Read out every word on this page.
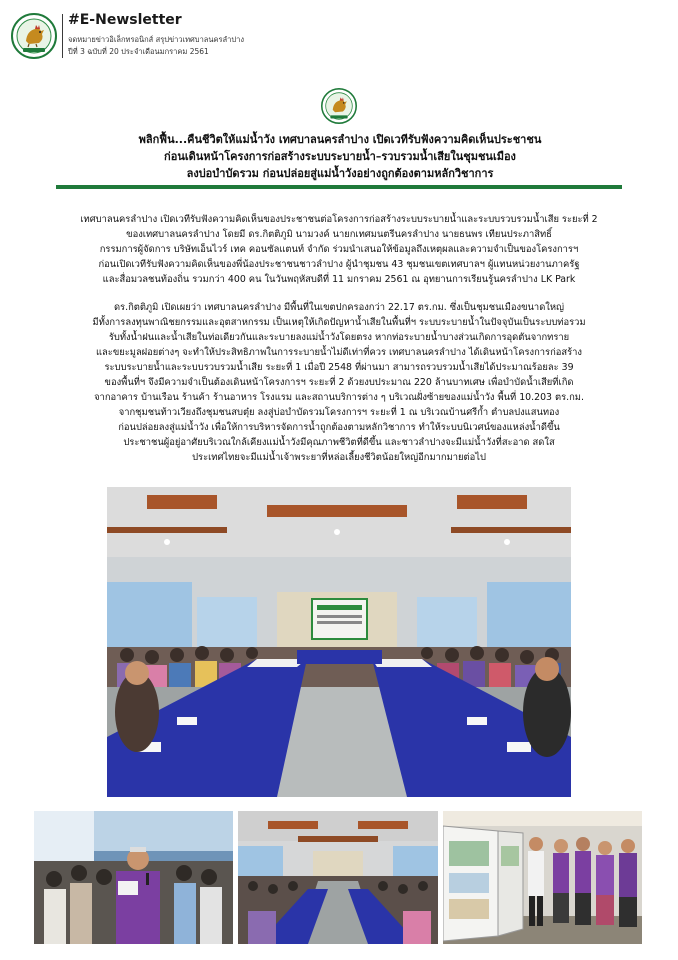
#E-Newsletter
จดหมายข่าวอิเล็กทรอนิกส์ สรุปข่าวเทศบาลนครลำปาง
ปีที่ 3 ฉบับที่ 20 ประจำเดือนมกราคม 2561
พลิกฟื้น...คืนชีวิตให้แม่น้ำวัง เทศบาลนครลำปาง เปิดเวทีรับฟังความคิดเห็นประชาชน
ก่อนเดินหน้าโครงการก่อสร้างระบบระบายน้ำ–รวบรวมน้ำเสียในชุมชนเมือง
ลงบ่อบำบัดรวม ก่อนปล่อยสู่แม่น้ำวังอย่างถูกต้องตามหลักวิชาการ
เทศบาลนครลำปาง เปิดเวทีรับฟังความคิดเห็นของประชาชนต่อโครงการก่อสร้างระบบระบายน้ำและระบบรวบรวมน้ำเสีย ระยะที่ 2
ของเทศบาลนครลำปาง โดยมี ดร.กิตติภูมิ นามวงค์ นายกเทศมนตรีนครลำปาง นายธนพร เทียนประภาสิทธิ์
กรรมการผู้จัดการ บริษัทเอ็นไวร์ เทค คอนซัลแตนท์ จำกัด ร่วมนำเสนอให้ข้อมูลถึงเหตุผลและความจำเป็นของโครงการฯ
ก่อนเปิดเวทีรับฟังความคิดเห็นของพี่น้องประชาชนชาวลำปาง ผู้นำชุมชน 43 ชุมชนเขตเทศบาลฯ ผู้แทนหน่วยงานภาครัฐ
และสื่อมวลชนท้องถิ่น รวมกว่า 400 คน ในวันพฤหัสบดีที่ 11 มกราคม 2561 ณ อุทยานการเรียนรู้นครลำปาง LK Park
ดร.กิตติภูมิ เปิดเผยว่า เทศบาลนครลำปาง มีพื้นที่ในเขตปกครองกว่า 22.17 ตร.กม. ซึ่งเป็นชุมชนเมืองขนาดใหญ่
มีทั้งการลงทุนพาณิชยกรรมและอุตสาหกรรม เป็นเหตุให้เกิดปัญหาน้ำเสียในพื้นที่ฯ ระบบระบายน้ำในปัจจุบันเป็นระบบท่อรวม
รับทั้งน้ำฝนและน้ำเสียในท่อเดียวกันและระบายลงแม่น้ำวังโดยตรง หากท่อระบายน้ำบางส่วนเกิดการอุดตันจากทราย
และขยะมูลฝอยต่างๆ จะทำให้ประสิทธิภาพในการระบายน้ำไม่ดีเท่าที่ควร เทศบาลนครลำปาง ได้เดินหน้าโครงการก่อสร้าง
ระบบระบายน้ำและระบบรวบรวมน้ำเสีย ระยะที่ 1 เมื่อปี 2548 ที่ผ่านมา สามารถรวบรวมน้ำเสียได้ประมาณร้อยละ 39
ของพื้นที่ฯ จึงมีความจำเป็นต้องเดินหน้าโครงการฯ ระยะที่ 2 ด้วยงบประมาณ 220 ล้านบาทเศษ เพื่อบำบัดน้ำเสียที่เกิด
จากอาคาร บ้านเรือน ร้านค้า ร้านอาหาร โรงแรม และสถานบริการต่าง ๆ บริเวณฝั่งซ้ายของแม่น้ำวัง พื้นที่ 10.203 ตร.กม.
จากชุมชนท้าวเวียงถึงชุมชนสบตุ๋ย ลงสู่บ่อบำบัดรวมโครงการฯ ระยะที่ 1 ณ บริเวณบ้านศรีก้ำ ตำบลปงแสนทอง
ก่อนปล่อยลงสู่แม่น้ำวัง เพื่อให้การบริหารจัดการน้ำถูกต้องตามหลักวิชาการ ทำให้ระบบนิเวศน์ของแหล่งน้ำดีขึ้น
ประชาชนผู้อยู่อาศัยบริเวณใกล้เคียงแม่น้ำวังมีคุณภาพชีวิตที่ดีขึ้น และชาวลำปางจะมีแม่น้ำวังที่สะอาด สดใส
ประเทศไทยจะมีแม่น้ำเจ้าพระยาที่หล่อเลี้ยงชีวิตน้อยใหญ่อีกมากมายต่อไป
